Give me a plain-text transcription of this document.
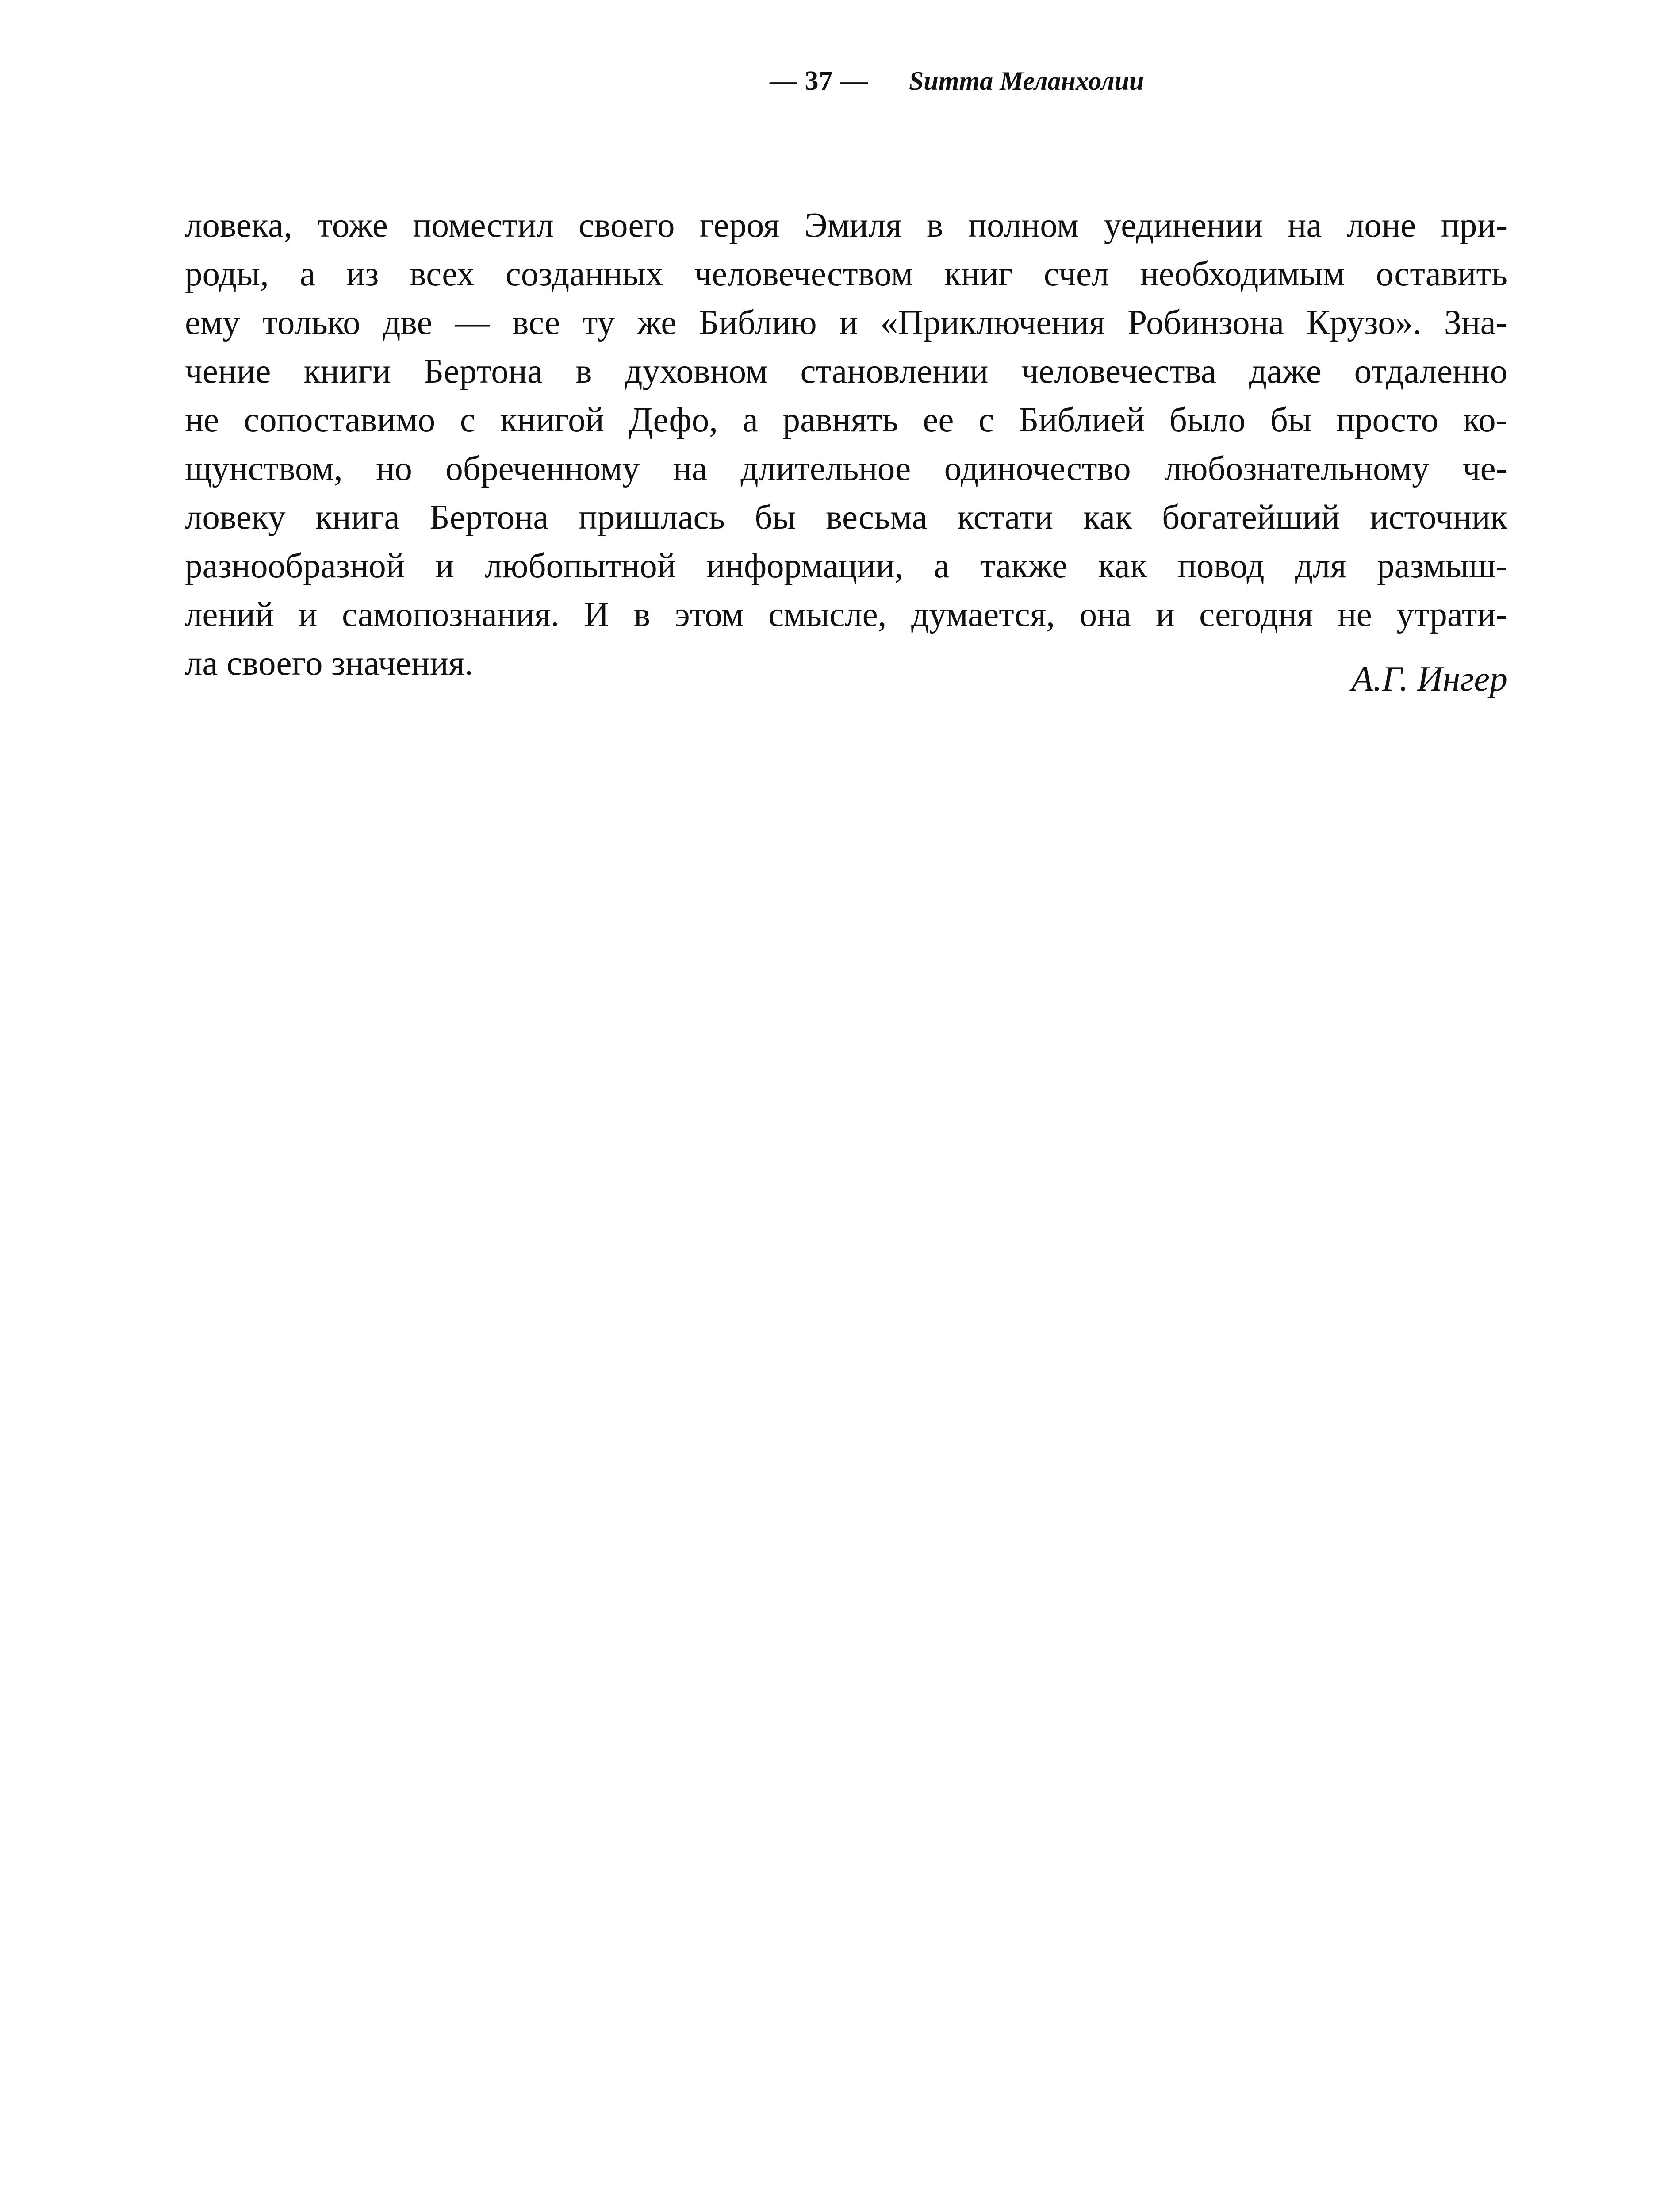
— 37 — Summa Меланхолии
ловека, тоже поместил своего героя Эмиля в полном уединении на лоне при-
роды, а из всех созданных человечеством книг счел необходимым оставить
ему только две — все ту же Библию и «Приключения Робинзона Крузо». Зна-
чение книги Бертона в духовном становлении человечества даже отдаленно
не сопоставимо с книгой Дефо, а равнять ее с Библией было бы просто ко-
щунством, но обреченному на длительное одиночество любознательному че-
ловеку книга Бертона пришлась бы весьма кстати как богатейший источник
разнообразной и любопытной информации, а также как повод для размыш-
лений и самопознания. И в этом смысле, думается, она и сегодня не утрати-
ла своего значения.	А.Г. Ингер
